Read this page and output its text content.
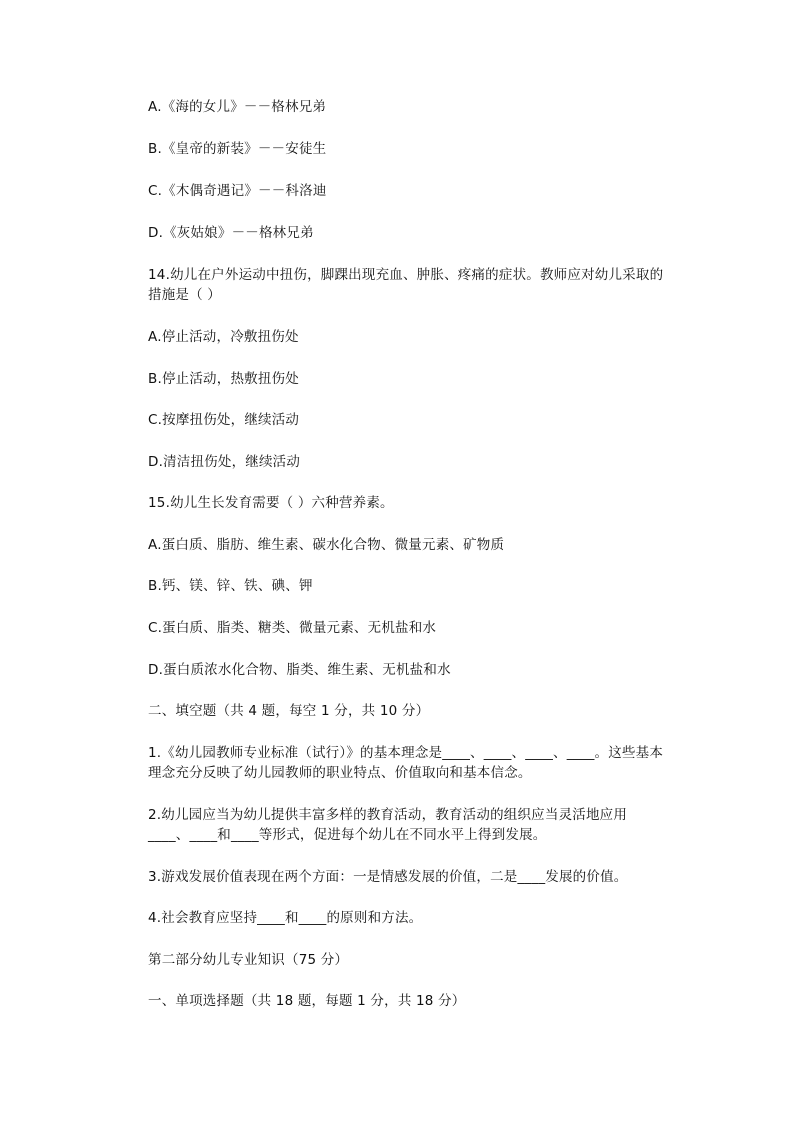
A.《海的女儿》－－格林兄弟
B.《皇帝的新装》－－安徒生
C.《木偶奇遇记》－－科洛迪
D.《灰姑娘》－－格林兄弟
14.幼儿在户外运动中扭伤，脚踝出现充血、肿胀、疼痛的症状。教师应对幼儿采取的
措施是（ ）
A.停止活动，冷敷扭伤处
B.停止活动，热敷扭伤处
C.按摩扭伤处，继续活动
D.清洁扭伤处，继续活动
15.幼儿生长发育需要（ ）六种营养素。
A.蛋白质、脂肪、维生素、碳水化合物、微量元素、矿物质
B.钙、镁、锌、铁、碘、钾
C.蛋白质、脂类、糖类、微量元素、无机盐和水
D.蛋白质浓水化合物、脂类、维生素、无机盐和水
二、填空题（共 4 题，每空 1 分，共 10 分）
1.《幼儿园教师专业标准（试行）》的基本理念是____、____、____、____。这些基本
理念充分反映了幼儿园教师的职业特点、价值取向和基本信念。
2.幼儿园应当为幼儿提供丰富多样的教育活动，教育活动的组织应当灵活地应用
____、____和____等形式，促进每个幼儿在不同水平上得到发展。
3.游戏发展价值表现在两个方面：一是情感发展的价值，二是____发展的价值。
4.社会教育应坚持____和____的原则和方法。
第二部分幼儿专业知识（75 分）
一、单项选择题（共 18 题，每题 1 分，共 18 分）
